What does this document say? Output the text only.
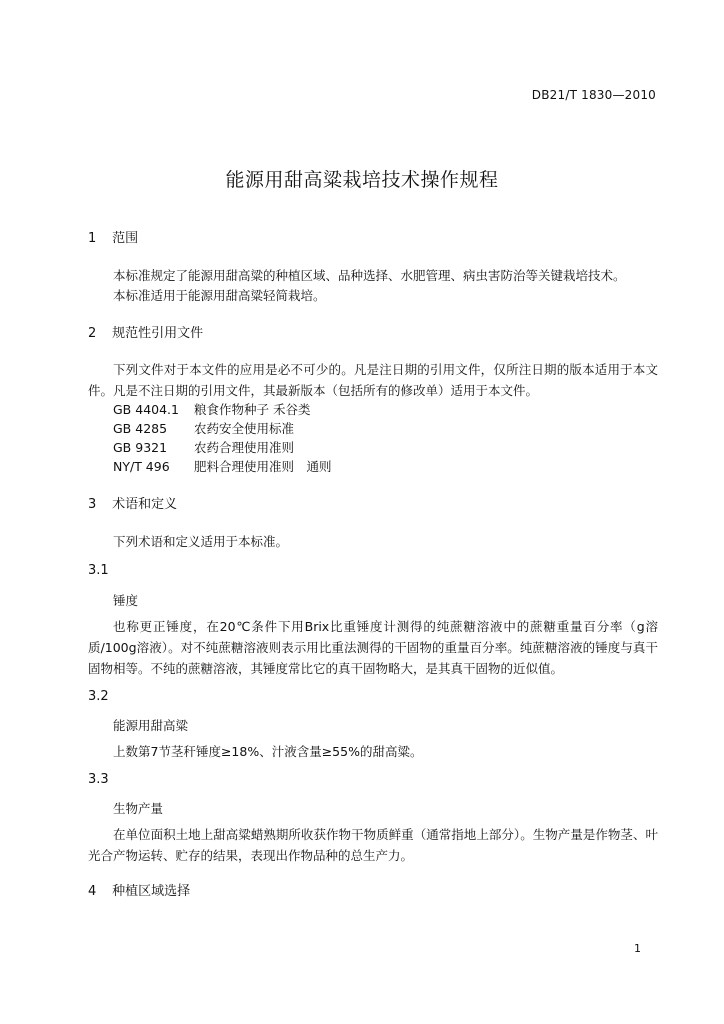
DB21/T 1830—2010
能源用甜高粱栽培技术操作规程
1 范围
本标准规定了能源用甜高粱的种植区域、品种选择、水肥管理、病虫害防治等关键栽培技术。
本标准适用于能源用甜高粱轻简栽培。
2 规范性引用文件
下列文件对于本文件的应用是必不可少的。凡是注日期的引用文件，仅所注日期的版本适用于本文件。凡是不注日期的引用文件，其最新版本（包括所有的修改单）适用于本文件。
GB 4404.1 粮食作物种子 禾谷类
GB 4285 农药安全使用标准
GB 9321 农药合理使用准则
NY/T 496 肥料合理使用准则　通则
3 术语和定义
下列术语和定义适用于本标准。
3.1
锤度
也称更正锤度，在20℃条件下用Brix比重锤度计测得的纯蔗糖溶液中的蔗糖重量百分率（g溶质/100g溶液）。对不纯蔗糖溶液则表示用比重法测得的干固物的重量百分率。纯蔗糖溶液的锤度与真干固物相等。不纯的蔗糖溶液，其锤度常比它的真干固物略大，是其真干固物的近似值。
3.2
能源用甜高粱
上数第7节茎秆锤度≥18%、汁液含量≥55%的甜高粱。
3.3
生物产量
在单位面积土地上甜高粱蜡熟期所收获作物干物质鲜重（通常指地上部分）。生物产量是作物茎、叶光合产物运转、贮存的结果，表现出作物品种的总生产力。
4 种植区域选择
1
